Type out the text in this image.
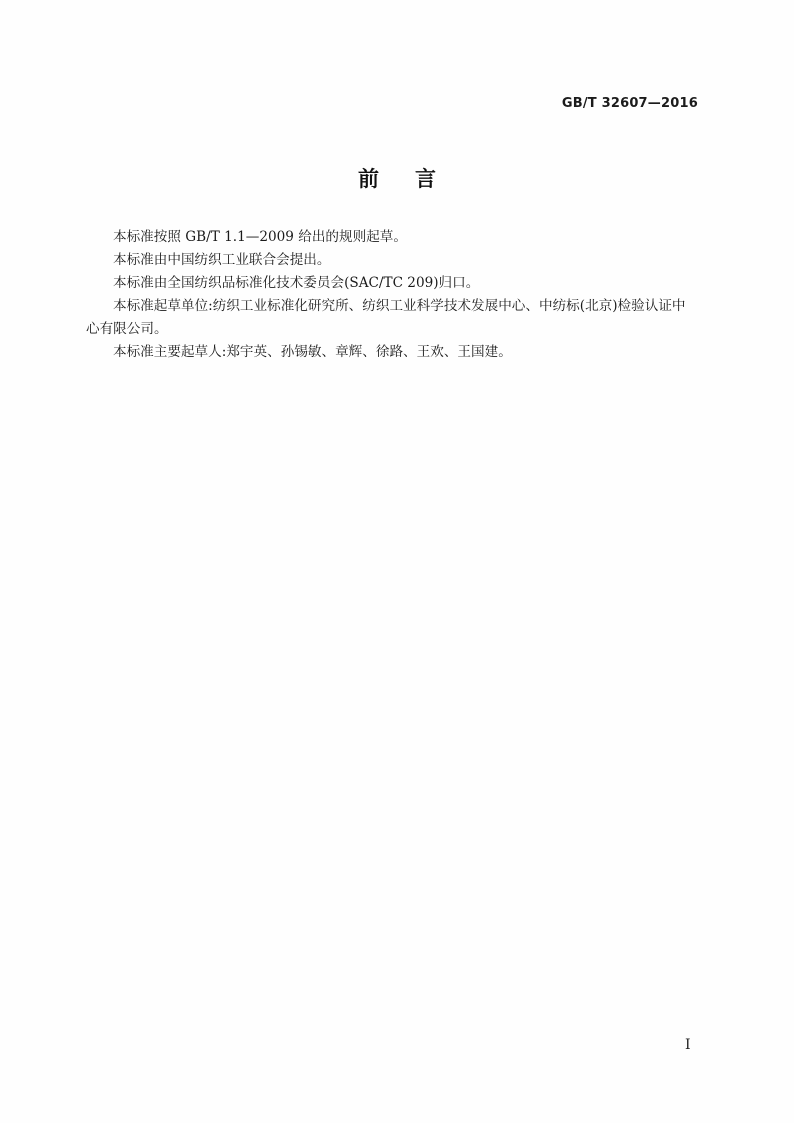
GB/T 32607—2016
前 言

本标准按照 GB/T 1.1—2009 给出的规则起草。

本标准由中国纺织工业联合会提出。

本标准由全国纺织品标准化技术委员会(SAC/TC 209)归口。

本标准起草单位:纺织工业标准化研究所、纺织工业科学技术发展中心、中纺标(北京)检验认证中

心有限公司。

本标准主要起草人:郑宇英、孙锡敏、章辉、徐路、王欢、王国建。

I
